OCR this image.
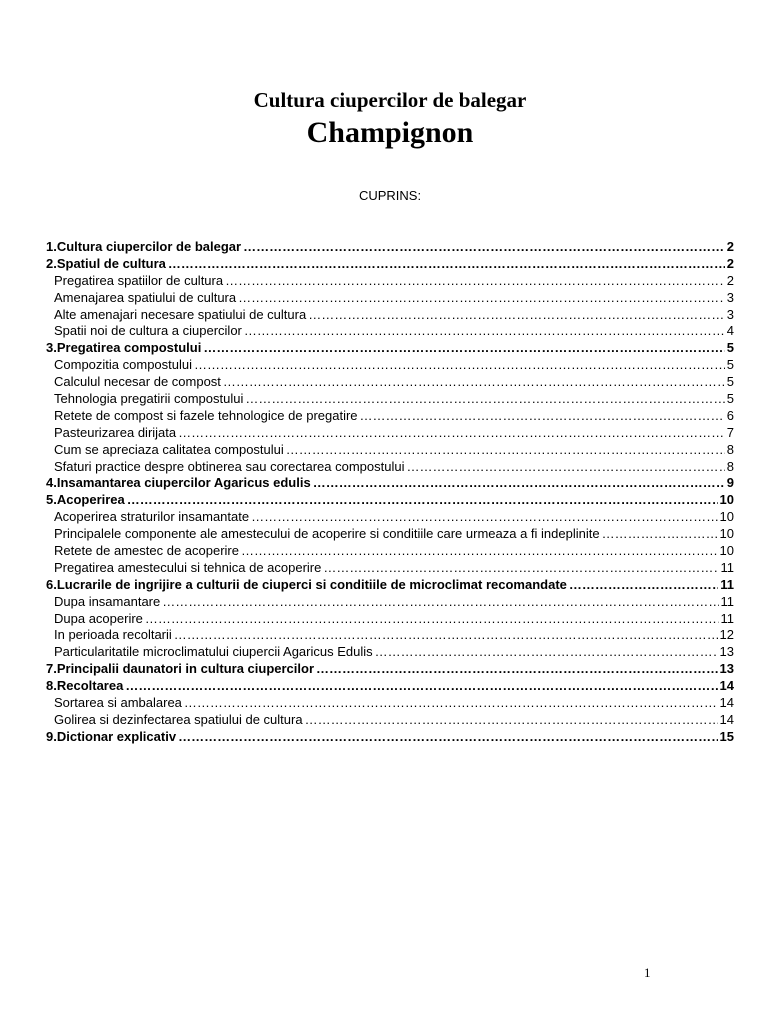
Cultura ciupercilor de balegar
Champignon
CUPRINS:
1.Cultura ciupercilor de balegar …………………………………………………………………………………………………………………………………………………………………………………………	2
2.Spatiul de cultura …………………………………………………………………………………………………………………………………………………………………………………………	2
Pregatirea spatiilor de cultura …………………………………………………………………………………………………………………………………………………………………………………………	2
Amenajarea spatiului de cultura …………………………………………………………………………………………………………………………………………………………………………………………	3
Alte amenajari necesare spatiului de cultura …………………………………………………………………………………………………………………………………………………………………………………………	3
Spatii noi de cultura a ciupercilor …………………………………………………………………………………………………………………………………………………………………………………………	4
3.Pregatirea compostului …………………………………………………………………………………………………………………………………………………………………………………………	5
Compozitia compostului …………………………………………………………………………………………………………………………………………………………………………………………	5
Calculul necesar de compost …………………………………………………………………………………………………………………………………………………………………………………………	5
Tehnologia pregatirii compostului …………………………………………………………………………………………………………………………………………………………………………………………	5
Retete de compost si fazele tehnologice de pregatire …………………………………………………………………………………………………………………………………………………………………………………………	6
Pasteurizarea dirijata …………………………………………………………………………………………………………………………………………………………………………………………	7
Cum se apreciaza calitatea compostului …………………………………………………………………………………………………………………………………………………………………………………………	8
Sfaturi practice despre obtinerea sau corectarea compostului …………………………………………………………………………………………………………………………………………………………………………………………	8
4.Insamantarea ciupercilor Agaricus edulis …………………………………………………………………………………………………………………………………………………………………………………………	9
5.Acoperirea …………………………………………………………………………………………………………………………………………………………………………………………	10
Acoperirea straturilor insamantate …………………………………………………………………………………………………………………………………………………………………………………………	10
Principalele componente ale amestecului de acoperire si conditiile care urmeaza a fi indeplinite …………………………………………………………………………………………………………………………………………………………………………………………	10
Retete de amestec de acoperire …………………………………………………………………………………………………………………………………………………………………………………………	10
Pregatirea amestecului si tehnica de acoperire …………………………………………………………………………………………………………………………………………………………………………………………	11
6.Lucrarile de ingrijire a culturii de ciuperci si conditiile de microclimat recomandate …………………………………………………………………………………………………………………………………………………………………………………………	11
Dupa insamantare …………………………………………………………………………………………………………………………………………………………………………………………	11
Dupa acoperire …………………………………………………………………………………………………………………………………………………………………………………………	11
In perioada recoltarii …………………………………………………………………………………………………………………………………………………………………………………………	12
Particularitatile microclimatului ciupercii Agaricus Edulis …………………………………………………………………………………………………………………………………………………………………………………………	13
7.Principalii daunatori in cultura ciupercilor …………………………………………………………………………………………………………………………………………………………………………………………	13
8.Recoltarea …………………………………………………………………………………………………………………………………………………………………………………………	14
Sortarea si ambalarea …………………………………………………………………………………………………………………………………………………………………………………………	14
Golirea si dezinfectarea spatiului de cultura …………………………………………………………………………………………………………………………………………………………………………………………	14
9.Dictionar explicativ …………………………………………………………………………………………………………………………………………………………………………………………	15
1
